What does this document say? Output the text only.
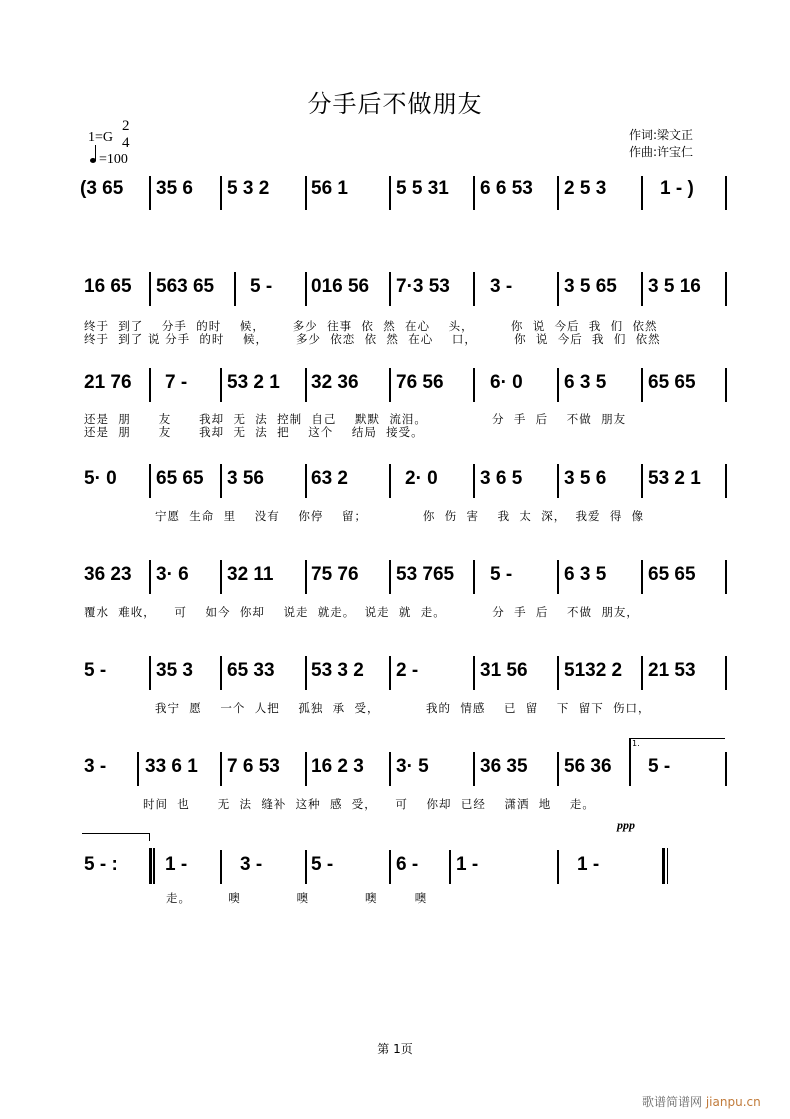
分手后不做朋友
1=G
2
4
=100
作词:梁文正
作曲:许宝仁
(3 65 35 6 5 3 2 56 1	5 5 31 6 6 53 2 5 3	1 - )
16 65 563 65 5 - 016 56 7·3 53 3 -	3 5 65 3 5 16
终于  到了    分手  的时    候，      多少  往事  依  然  在心    头，        你  说  今后  我  们  依然
终于  到了 说 分手  的时    候，      多少  依恋  依  然  在心    口，        你  说  今后  我  们  依然
21 76 7 - 53 2 1 32 36 76 56 6· 0 6 3 5 65 65
还是  朋      友      我却  无  法  控制  自己    默默  流泪。              分  手  后    不做  朋友
还是  朋      友      我却  无  法  把    这个    结局  接受。
5· 0 65 65 3 56 63 2	2· 0 3 6 5 3 5 6 53 2 1
宁愿  生命  里    没有    你停    留；            你  伤  害    我  太  深，  我爱  得  像
36 23 3· 6 32 11 75 76 53 765 5 -	6 3 5 65 65
覆水  难收，    可    如今  你却    说走  就走。  说走  就  走。          分  手  后    不做  朋友，
5 -	35 3 65 33 53 3 2 2 -	31 56 5132 2 21 53
我宁  愿    一个  人把    孤独  承  受，          我的  情感    已  留    下  留下  伤口，
3 - 33 6 1 7 6 53 16 2 3 3· 5	36 35 56 36
1.
5 -
时间  也      无  法  缝补  这种  感  受，    可    你却  已经    潇洒  地    走。
5 - : 1 -	3 -	5 -	6 - 1 -	1 -
ppp
走。        噢            噢            噢        噢
第 1页
歌谱简谱网 jianpu.cn
